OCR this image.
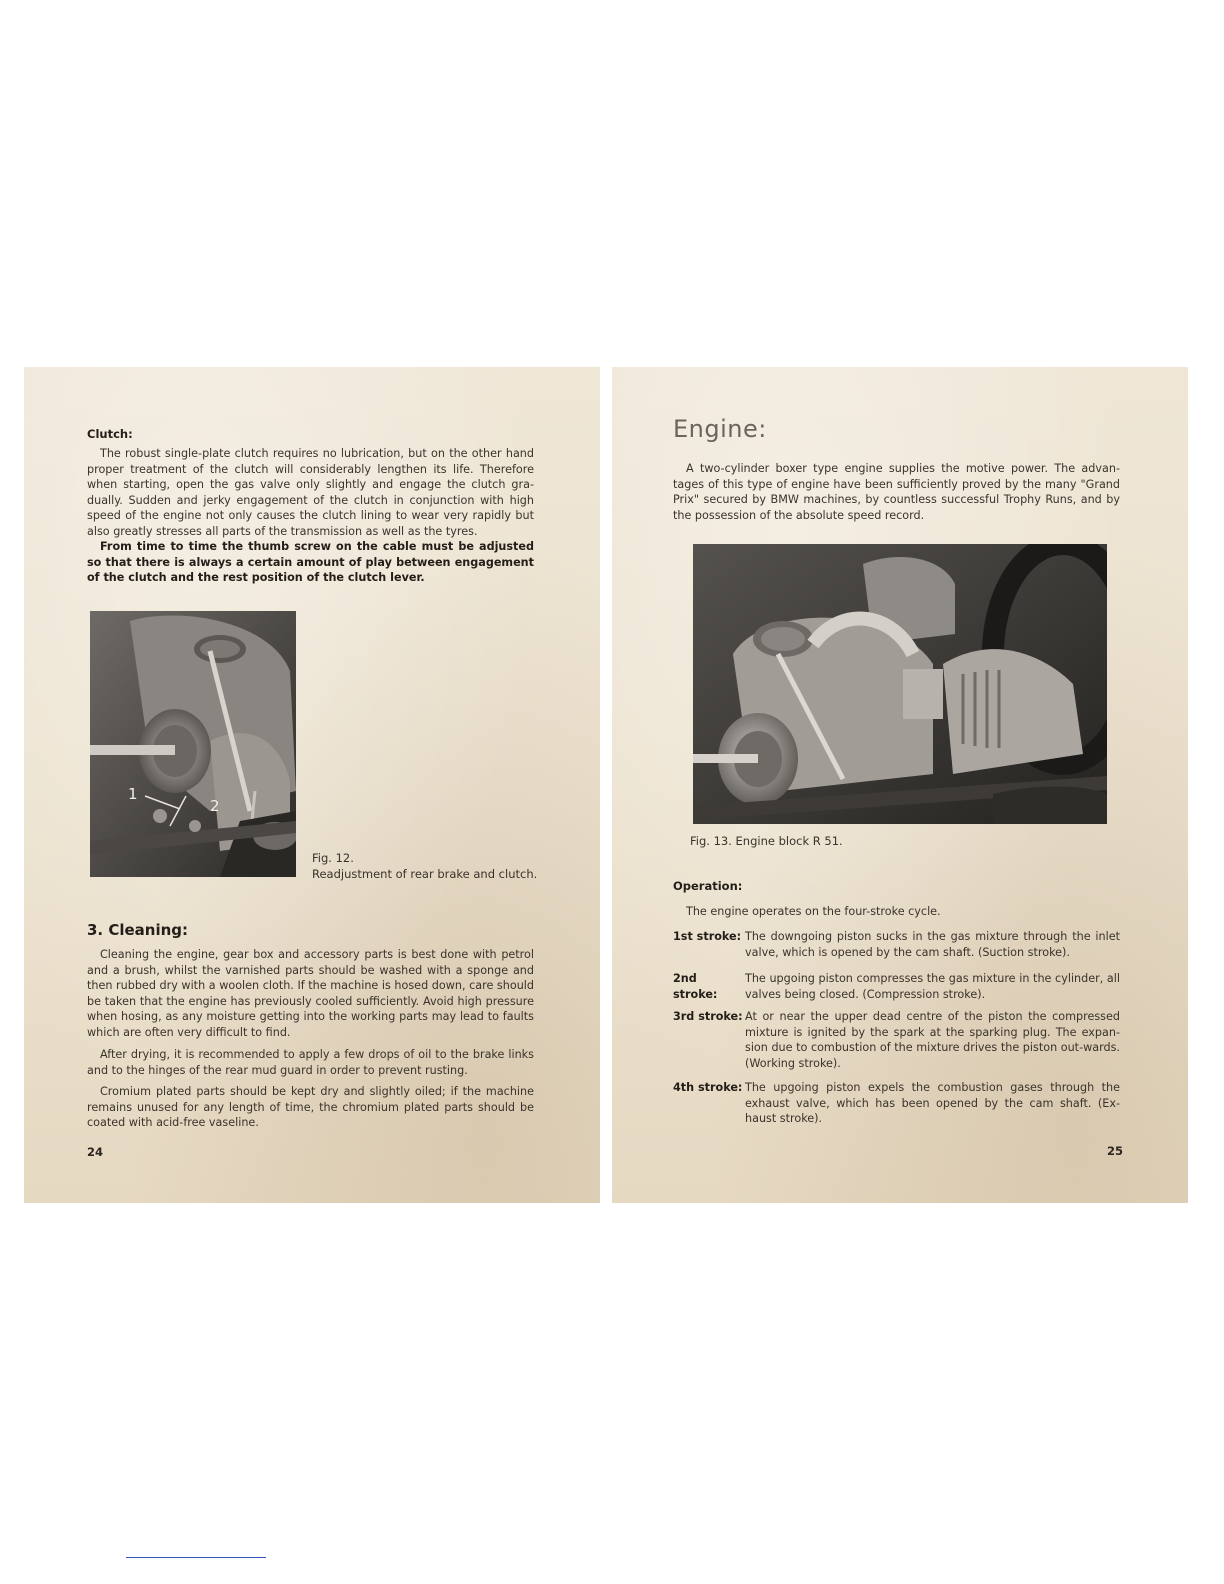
Clutch:

The robust single-plate clutch requires no lubrication, but on the other hand proper treatment of the clutch will considerably lengthen its life. Therefore when starting, open the gas valve only slightly and engage the clutch gra-dually. Sudden and jerky engagement of the clutch in conjunction with high speed of the engine not only causes the clutch lining to wear very rapidly but also greatly stresses all parts of the transmission as well as the tyres.

From time to time the thumb screw on the cable must be adjusted so that there is always a certain amount of play between engagement of the clutch and the rest position of the clutch lever.

1
2
Fig. 12.
Readjustment of rear brake and clutch.
3. Cleaning:

Cleaning the engine, gear box and accessory parts is best done with petrol and a brush, whilst the varnished parts should be washed with a sponge and then rubbed dry with a woolen cloth. If the machine is hosed down, care should be taken that the engine has previously cooled sufficiently. Avoid high pressure when hosing, as any moisture getting into the working parts may lead to faults which are often very difficult to find.

After drying, it is recommended to apply a few drops of oil to the brake links and to the hinges of the rear mud guard in order to prevent rusting.

Cromium plated parts should be kept dry and slightly oiled; if the machine remains unused for any length of time, the chromium plated parts should be coated with acid-free vaseline.

24
Engine:

A two-cylinder boxer type engine supplies the motive power. The advan-tages of this type of engine have been sufficiently proved by the many "Grand Prix" secured by BMW machines, by countless successful Trophy Runs, and by the possession of the absolute speed record.

Fig. 13. Engine block R 51.
Operation:
The engine operates on the four-stroke cycle.
1st stroke: The downgoing piston sucks in the gas mixture through the inlet valve, which is opened by the cam shaft. (Suction stroke).
2nd stroke:
The upgoing piston compresses the gas mixture in the cylinder, all valves being closed. (Compression stroke).
3rd stroke: At or near the upper dead centre of the piston the compressed mixture is ignited by the spark at the sparking plug. The expan-sion due to combustion of the mixture drives the piston out-wards. (Working stroke).
4th stroke: The upgoing piston expels the combustion gases through the exhaust valve, which has been opened by the cam shaft. (Ex-haust stroke).
25
